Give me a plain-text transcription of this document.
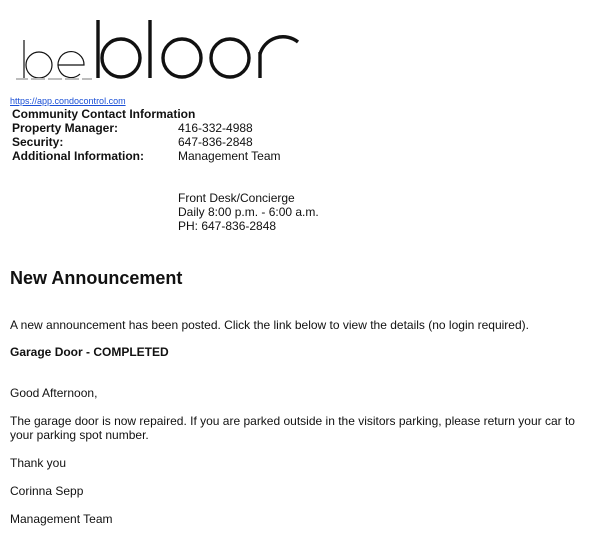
https://app.condocontrol.com
Community Contact Information
Property Manager:	416-332-4988
Security:	647-836-2848
Additional Information:	Management Team
Front Desk/Concierge
Daily 8:00 p.m. - 6:00 a.m.
PH: 647-836-2848
New Announcement
A new announcement has been posted. Click the link below to view the details (no login required).
Garage Door - COMPLETED
Good Afternoon,
The garage door is now repaired. If you are parked outside in the visitors parking, please return your car to your parking spot number.
Thank you
Corinna Sepp
Management Team
